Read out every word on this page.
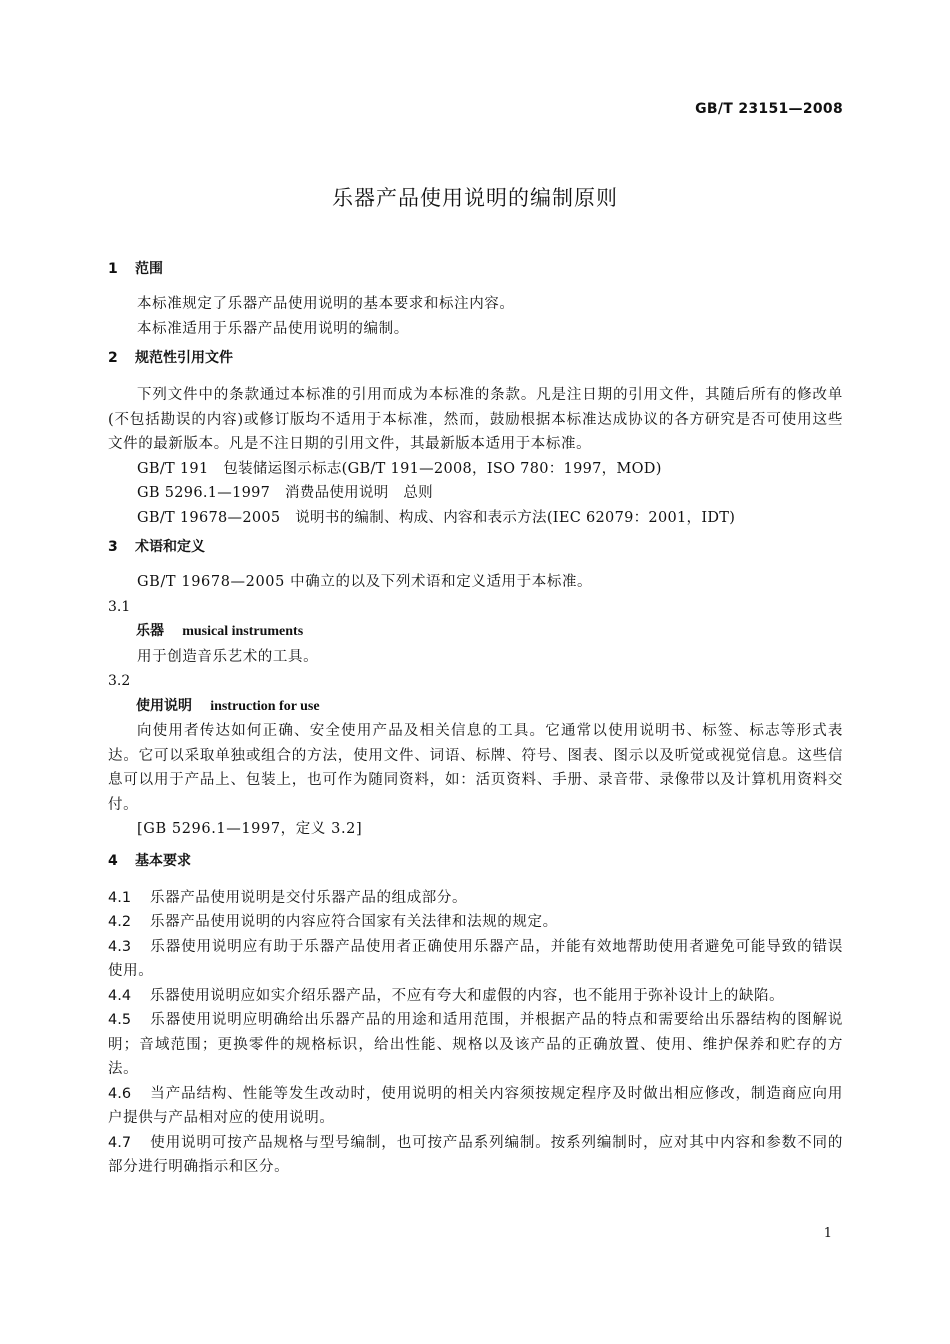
GB/T 23151—2008
乐器产品使用说明的编制原则

1 范围

本标准规定了乐器产品使用说明的基本要求和标注内容。

本标准适用于乐器产品使用说明的编制。

2 规范性引用文件

下列文件中的条款通过本标准的引用而成为本标准的条款。凡是注日期的引用文件，其随后所有的修改单(不包括勘误的内容)或修订版均不适用于本标准，然而，鼓励根据本标准达成协议的各方研究是否可使用这些文件的最新版本。凡是不注日期的引用文件，其最新版本适用于本标准。

GB/T 191　包装储运图示标志(GB/T 191—2008，ISO 780：1997，MOD)

GB 5296.1—1997　消费品使用说明　总则

GB/T 19678—2005　说明书的编制、构成、内容和表示方法(IEC 62079：2001，IDT)

3 术语和定义

GB/T 19678—2005 中确立的以及下列术语和定义适用于本标准。

3.1

乐器 musical instruments

用于创造音乐艺术的工具。

3.2

使用说明 instruction for use

向使用者传达如何正确、安全使用产品及相关信息的工具。它通常以使用说明书、标签、标志等形式表达。它可以采取单独或组合的方法，使用文件、词语、标牌、符号、图表、图示以及听觉或视觉信息。这些信息可以用于产品上、包装上，也可作为随同资料，如：活页资料、手册、录音带、录像带以及计算机用资料交付。

[GB 5296.1—1997，定义 3.2]

4 基本要求

4.1 乐器产品使用说明是交付乐器产品的组成部分。

4.2 乐器产品使用说明的内容应符合国家有关法律和法规的规定。

4.3 乐器使用说明应有助于乐器产品使用者正确使用乐器产品，并能有效地帮助使用者避免可能导致的错误使用。

4.4 乐器使用说明应如实介绍乐器产品，不应有夸大和虚假的内容，也不能用于弥补设计上的缺陷。

4.5 乐器使用说明应明确给出乐器产品的用途和适用范围，并根据产品的特点和需要给出乐器结构的图解说明；音域范围；更换零件的规格标识，给出性能、规格以及该产品的正确放置、使用、维护保养和贮存的方法。

4.6 当产品结构、性能等发生改动时，使用说明的相关内容须按规定程序及时做出相应修改，制造商应向用户提供与产品相对应的使用说明。

4.7 使用说明可按产品规格与型号编制，也可按产品系列编制。按系列编制时，应对其中内容和参数不同的部分进行明确指示和区分。

1
